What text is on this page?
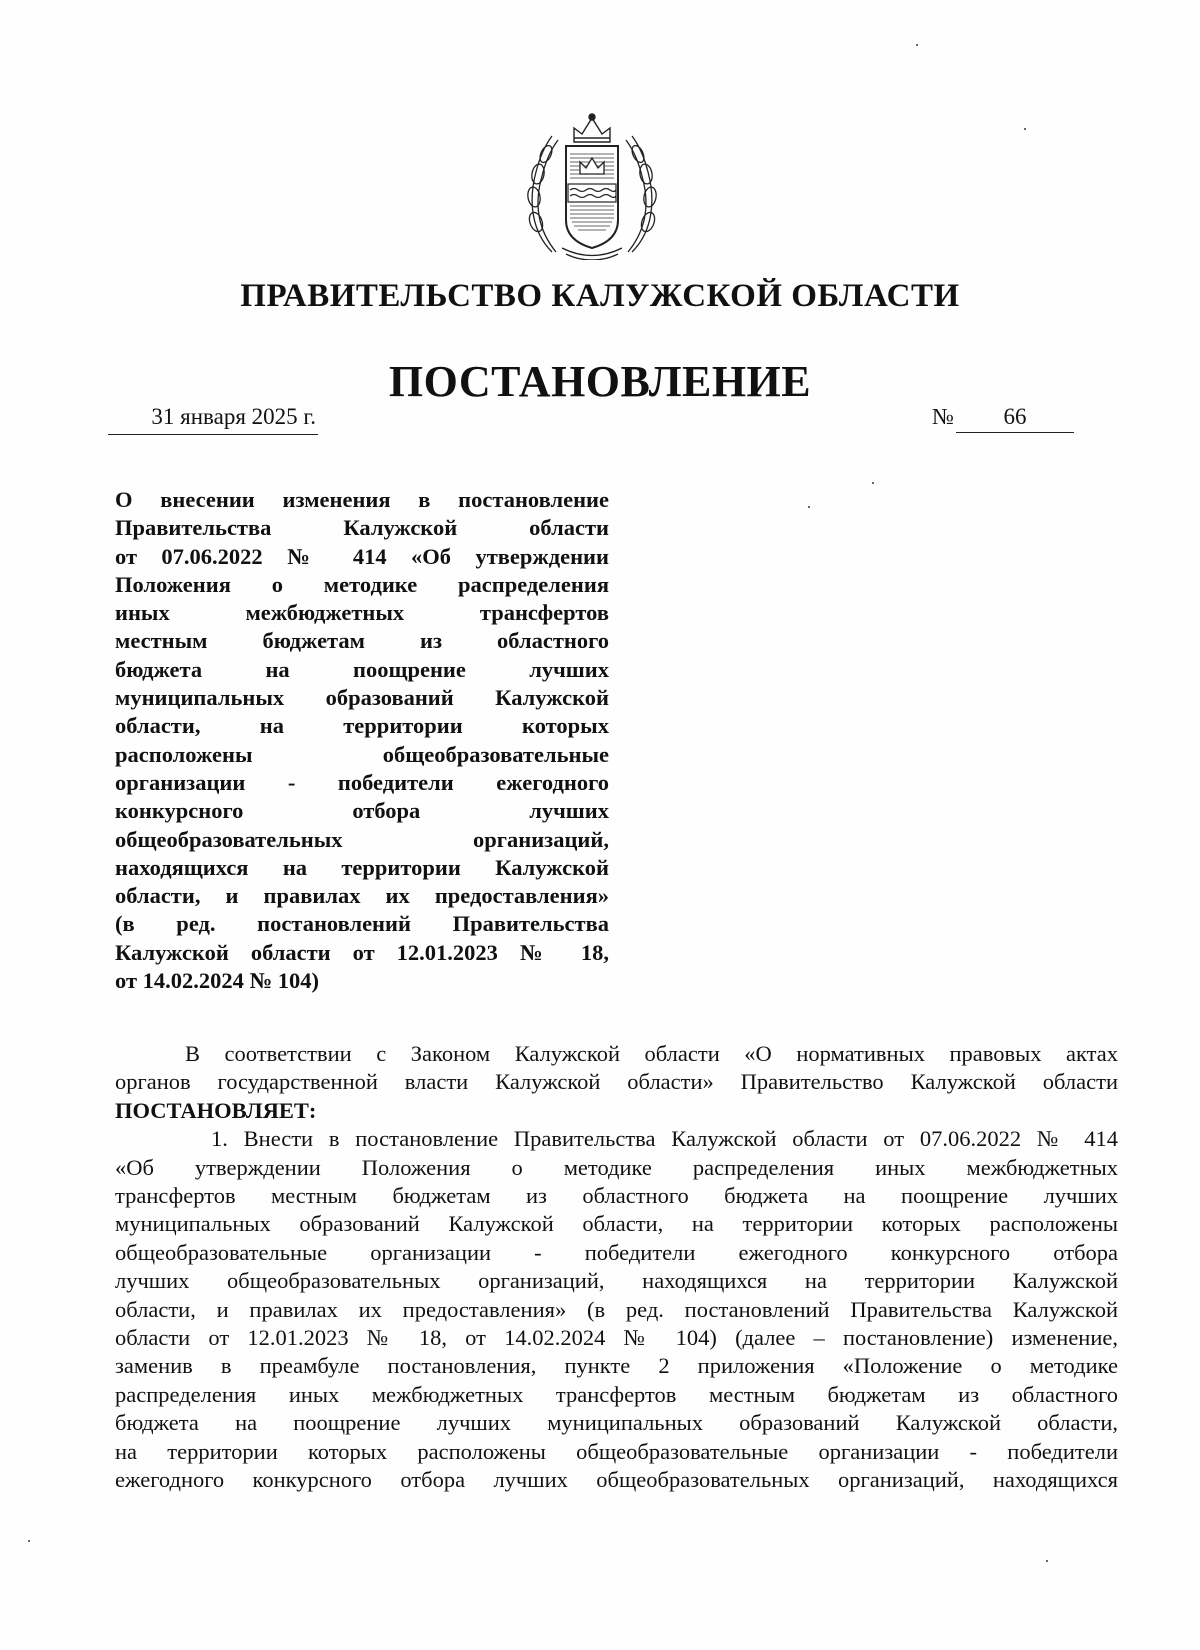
ПРАВИТЕЛЬСТВО КАЛУЖСКОЙ ОБЛАСТИ
ПОСТАНОВЛЕНИЕ
31 января 2025 г.	№ 66
О внесении изменения в постановление
Правительства Калужской области
от 07.06.2022 № 414 «Об утверждении
Положения о методике распределения
иных межбюджетных трансфертов
местным бюджетам из областного
бюджета на поощрение лучших
муниципальных образований Калужской
области, на территории которых
расположены общеобразовательные
организации - победители ежегодного
конкурсного отбора лучших
общеобразовательных организаций,
находящихся на территории Калужской
области, и правилах их предоставления»
(в ред. постановлений Правительства
Калужской области от 12.01.2023 № 18,
от 14.02.2024 № 104)
В соответствии с Законом Калужской области «О нормативных правовых актах
органов государственной власти Калужской области» Правительство Калужской области
ПОСТАНОВЛЯЕТ:
1. Внести в постановление Правительства Калужской области от 07.06.2022 № 414
«Об утверждении Положения о методике распределения иных межбюджетных
трансфертов местным бюджетам из областного бюджета на поощрение лучших
муниципальных образований Калужской области, на территории которых расположены
общеобразовательные организации - победители ежегодного конкурсного отбора
лучших общеобразовательных организаций, находящихся на территории Калужской
области, и правилах их предоставления» (в ред. постановлений Правительства Калужской
области от 12.01.2023 № 18, от 14.02.2024 № 104) (далее – постановление) изменение,
заменив в преамбуле постановления, пункте 2 приложения «Положение о методике
распределения иных межбюджетных трансфертов местным бюджетам из областного
бюджета на поощрение лучших муниципальных образований Калужской области,
на территории которых расположены общеобразовательные организации - победители
ежегодного конкурсного отбора лучших общеобразовательных организаций, находящихся
